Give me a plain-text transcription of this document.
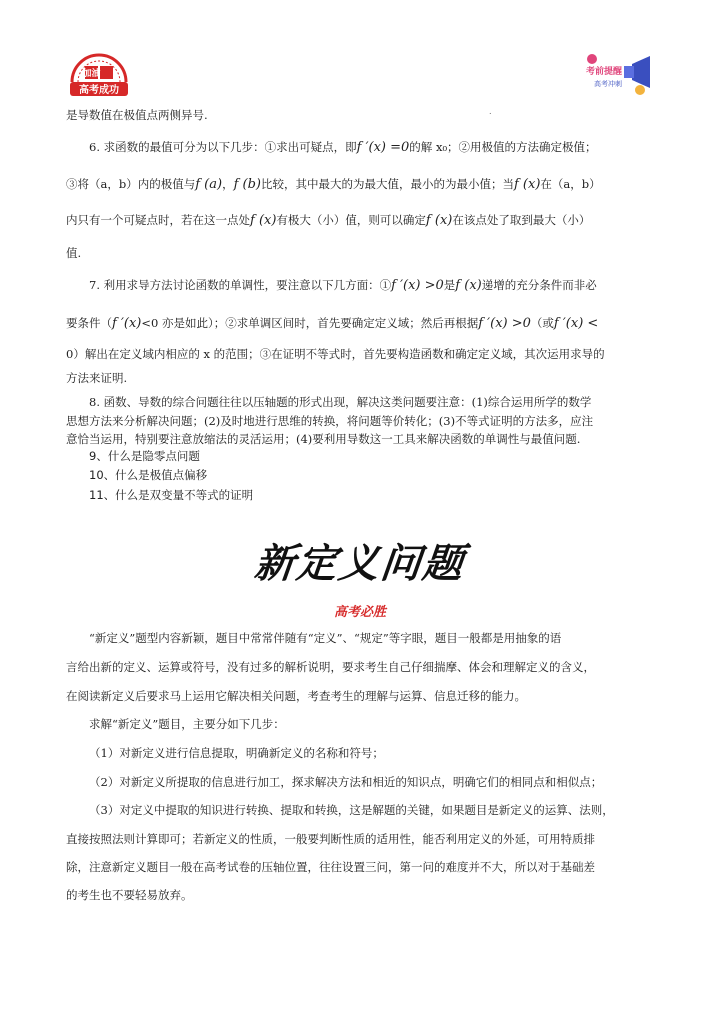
加油
高考成功
考前提醒
高考冲刺
.
是导数值在极值点两侧异号.
6. 求函数的最值可分为以下几步：①求出可疑点，即f ′(x) =0的解 x₀；②用极值的方法确定极值；
③将（a，b）内的极值与f (a)，f (b)比较，其中最大的为最大值，最小的为最小值；当f (x)在（a，b）
内只有一个可疑点时，若在这一点处f (x)有极大（小）值，则可以确定f (x)在该点处了取到最大（小）
值.
7. 利用求导方法讨论函数的单调性，要注意以下几方面：①f ′(x) >0是f (x)递增的充分条件而非必
要条件（f ′(x)<0 亦是如此）；②求单调区间时，首先要确定定义域；然后再根据f ′(x) >0（或f ′(x) <
0）解出在定义域内相应的 x 的范围；③在证明不等式时，首先要构造函数和确定定义域，其次运用求导的
方法来证明.
8. 函数、导数的综合问题往往以压轴题的形式出现，解决这类问题要注意：(1)综合运用所学的数学
思想方法来分析解决问题；(2)及时地进行思维的转换，将问题等价转化；(3)不等式证明的方法多，应注
意恰当运用，特别要注意放缩法的灵活运用；(4)要利用导数这一工具来解决函数的单调性与最值问题.
9、什么是隐零点问题
10、什么是极值点偏移
11、什么是双变量不等式的证明
新定义问题
高考必胜
“新定义”题型内容新颖，题目中常常伴随有“定义”、“规定”等字眼，题目一般都是用抽象的语
言给出新的定义、运算或符号，没有过多的解析说明，要求考生自己仔细揣摩、体会和理解定义的含义，
在阅读新定义后要求马上运用它解决相关问题，考查考生的理解与运算、信息迁移的能力。
求解“新定义”题目，主要分如下几步：
（1）对新定义进行信息提取，明确新定义的名称和符号；
（2）对新定义所提取的信息进行加工，探求解决方法和相近的知识点，明确它们的相同点和相似点；
（3）对定义中提取的知识进行转换、提取和转换，这是解题的关键，如果题目是新定义的运算、法则，
直接按照法则计算即可；若新定义的性质，一般要判断性质的适用性，能否利用定义的外延，可用特质排
除，注意新定义题目一般在高考试卷的压轴位置，往往设置三问，第一问的难度并不大，所以对于基础差
的考生也不要轻易放弃。
